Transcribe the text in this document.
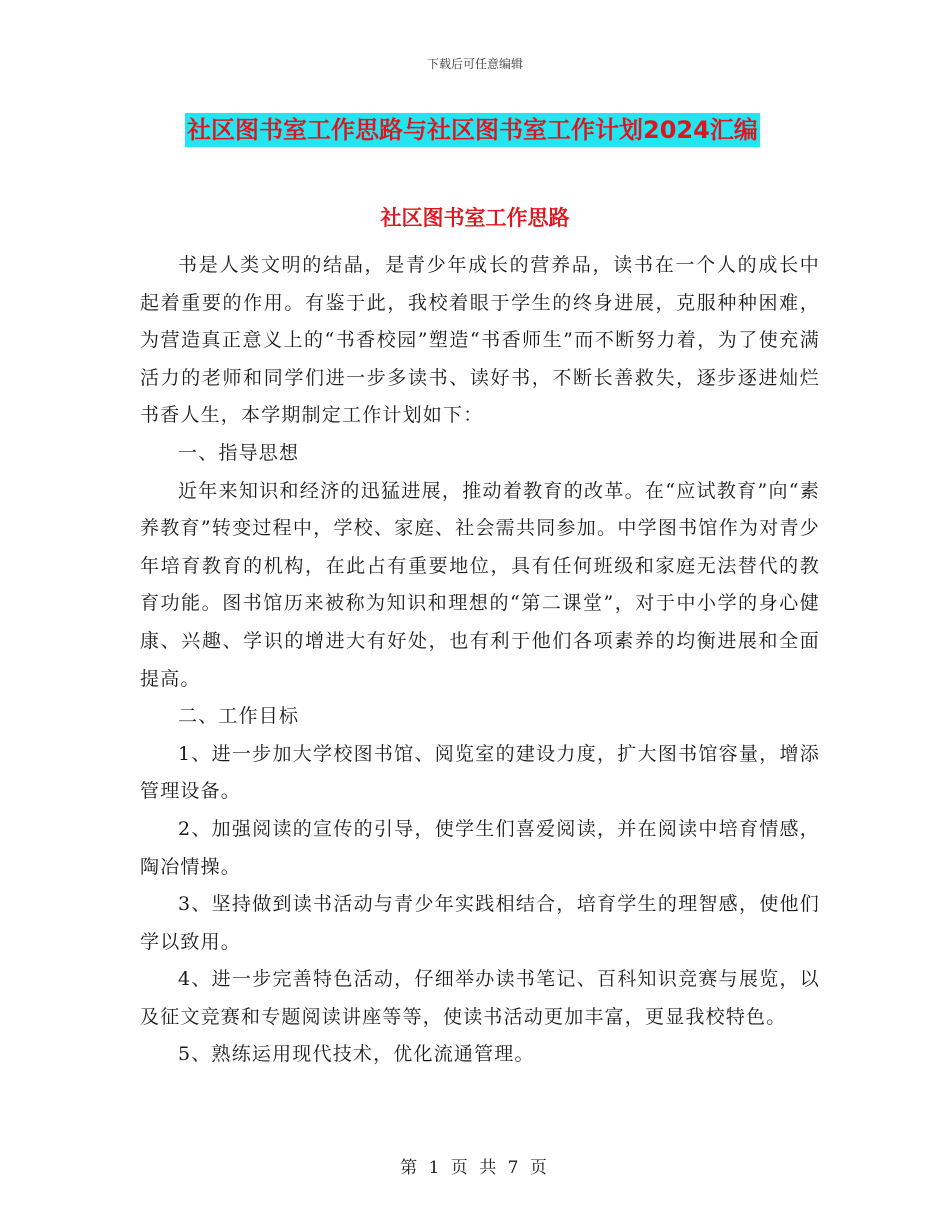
下载后可任意编辑
社区图书室工作思路与社区图书室工作计划2024汇编
社区图书室工作思路

书是人类文明的结晶，是青少年成长的营养品，读书在一个人的成长中起着重要的作用。有鉴于此，我校着眼于学生的终身进展，克服种种困难，为营造真正意义上的“书香校园”塑造“书香师生”而不断努力着，为了使充满活力的老师和同学们进一步多读书、读好书，不断长善救失，逐步逐进灿烂书香人生，本学期制定工作计划如下：

一、指导思想

近年来知识和经济的迅猛进展，推动着教育的改革。在“应试教育”向“素养教育”转变过程中，学校、家庭、社会需共同参加。中学图书馆作为对青少年培育教育的机构，在此占有重要地位，具有任何班级和家庭无法替代的教育功能。图书馆历来被称为知识和理想的“第二课堂”，对于中小学的身心健康、兴趣、学识的增进大有好处，也有利于他们各项素养的均衡进展和全面提高。

二、工作目标

1、进一步加大学校图书馆、阅览室的建设力度，扩大图书馆容量，增添管理设备。

2、加强阅读的宣传的引导，使学生们喜爱阅读，并在阅读中培育情感，陶冶情操。

3、坚持做到读书活动与青少年实践相结合，培育学生的理智感，使他们学以致用。

4、进一步完善特色活动，仔细举办读书笔记、百科知识竞赛与展览，以及征文竞赛和专题阅读讲座等等，使读书活动更加丰富，更显我校特色。

5、熟练运用现代技术，优化流通管理。

第 1 页 共 7 页
